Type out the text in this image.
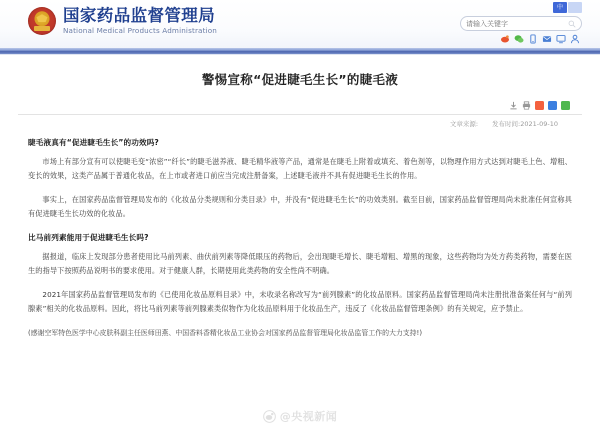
国家药品监督管理局
National Medical Products Administration
中
请输入关键字
警惕宣称“促进睫毛生长”的睫毛液
文章来源: 发布时间:2021-09-10
睫毛液真有“促进睫毛生长”的功效吗?

市场上有部分宣有可以使睫毛变“浓密”“纤长”的睫毛滋养液、睫毛精华液等产品，通常是在睫毛上附着或填充、着色剂等，以物理作用方式达到对睫毛上色、增粗、变长的效果，这类产品属于普通化妆品，在上市或者进口前应当完成注册备案，上述睫毛液并不具有促进睫毛生长的作用。

事实上，在国家药品监督管理局发布的《化妆品分类规则和分类目录》中，并没有“促进睫毛生长”的功效类别。截至目前，国家药品监督管理局尚未批准任何宣称具有促进睫毛生长功效的化妆品。

比马前列素能用于促进睫毛生长吗?

据报道，临床上发现部分患者使用比马前列素、曲伏前列素等降低眼压的药物后，会出现睫毛增长、睫毛增粗、增黑的现象，这些药物均为处方药类药物，需要在医生的指导下按照药品说明书的要求使用。对于健康人群，长期使用此类药物的安全性尚不明确。

2021年国家药品监督管理局发布的《已使用化妆品原料目录》中，未收录名称改写为“前列腺素”的化妆品原料。国家药品监督管理局尚未注册批准备案任何与“前列腺素”相关的化妆品原料。因此，将比马前列素等前列腺素类似物作为化妆品原料用于化妆品生产，违反了《化妆品监督管理条例》的有关规定，应予禁止。

(感谢空军特色医学中心皮肤科副主任医师田燕、中国香料香精化妆品工业协会对国家药品监督管理局化妆品监管工作的大力支持!)

@央视新闻
